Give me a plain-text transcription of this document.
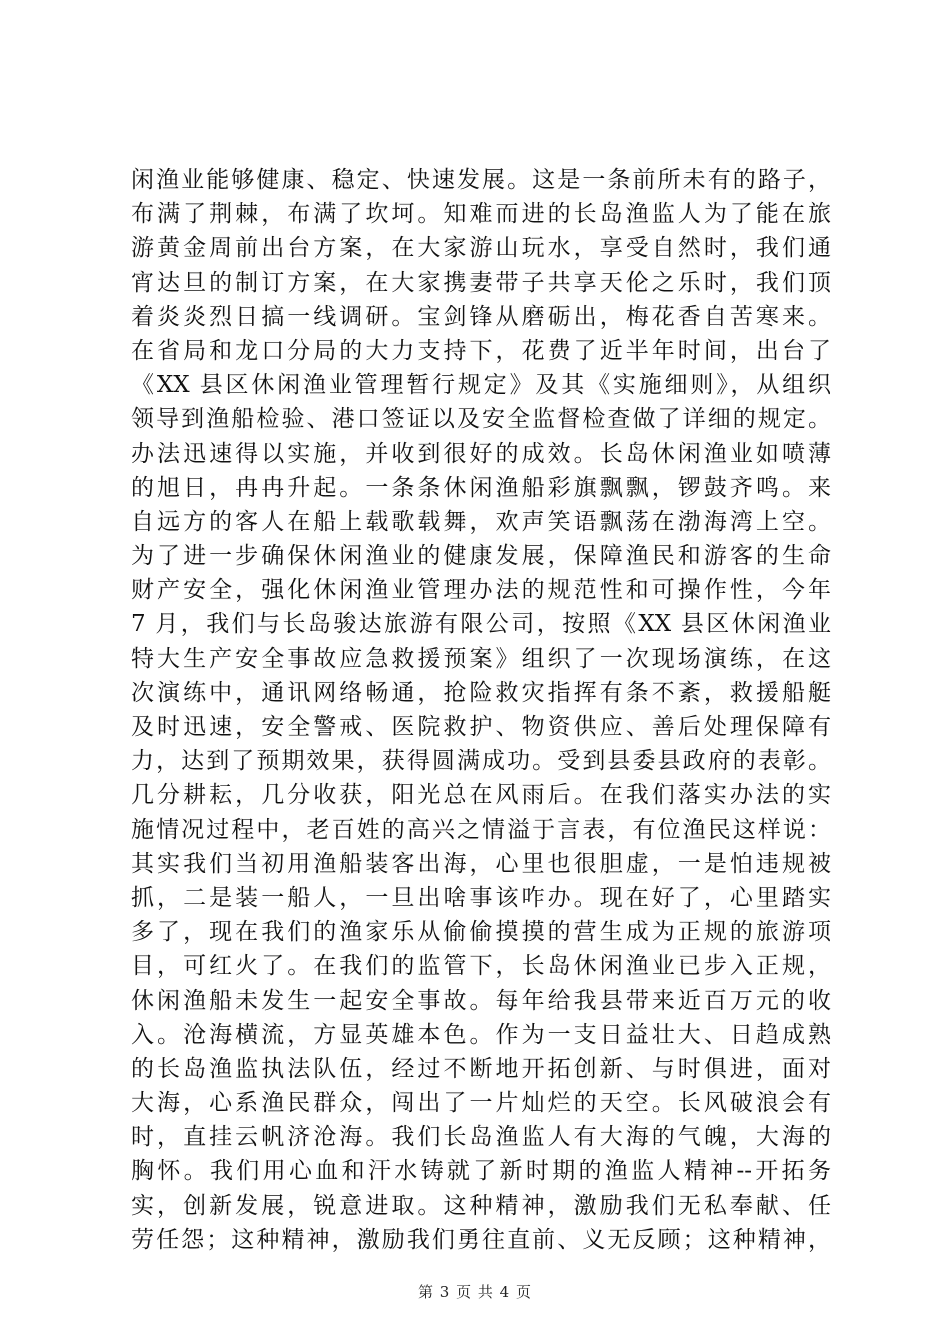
闲渔业能够健康、稳定、快速发展。这是一条前所未有的路子，
布满了荆棘，布满了坎坷。知难而进的长岛渔监人为了能在旅
游黄金周前出台方案，在大家游山玩水，享受自然时，我们通
宵达旦的制订方案，在大家携妻带子共享天伦之乐时，我们顶
着炎炎烈日搞一线调研。宝剑锋从磨砺出，梅花香自苦寒来。
在省局和龙口分局的大力支持下，花费了近半年时间，出台了
《XX 县区休闲渔业管理暂行规定》及其《实施细则》，从组织
领导到渔船检验、港口签证以及安全监督检查做了详细的规定。
办法迅速得以实施，并收到很好的成效。长岛休闲渔业如喷薄
的旭日，冉冉升起。一条条休闲渔船彩旗飘飘，锣鼓齐鸣。来
自远方的客人在船上载歌载舞，欢声笑语飘荡在渤海湾上空。
为了进一步确保休闲渔业的健康发展，保障渔民和游客的生命
财产安全，强化休闲渔业管理办法的规范性和可操作性，今年
7 月，我们与长岛骏达旅游有限公司，按照《XX 县区休闲渔业
特大生产安全事故应急救援预案》组织了一次现场演练，在这
次演练中，通讯网络畅通，抢险救灾指挥有条不紊，救援船艇
及时迅速，安全警戒、医院救护、物资供应、善后处理保障有
力，达到了预期效果，获得圆满成功。受到县委县政府的表彰。
几分耕耘，几分收获，阳光总在风雨后。在我们落实办法的实
施情况过程中，老百姓的高兴之情溢于言表，有位渔民这样说：
其实我们当初用渔船装客出海，心里也很胆虚，一是怕违规被
抓，二是装一船人，一旦出啥事该咋办。现在好了，心里踏实
多了，现在我们的渔家乐从偷偷摸摸的营生成为正规的旅游项
目，可红火了。在我们的监管下，长岛休闲渔业已步入正规，
休闲渔船未发生一起安全事故。每年给我县带来近百万元的收
入。沧海横流，方显英雄本色。作为一支日益壮大、日趋成熟
的长岛渔监执法队伍，经过不断地开拓创新、与时俱进，面对
大海，心系渔民群众，闯出了一片灿烂的天空。长风破浪会有
时，直挂云帆济沧海。我们长岛渔监人有大海的气魄，大海的
胸怀。我们用心血和汗水铸就了新时期的渔监人精神--开拓务
实，创新发展，锐意进取。这种精神，激励我们无私奉献、任
劳任怨；这种精神，激励我们勇往直前、义无反顾；这种精神，
第 3 页 共 4 页
